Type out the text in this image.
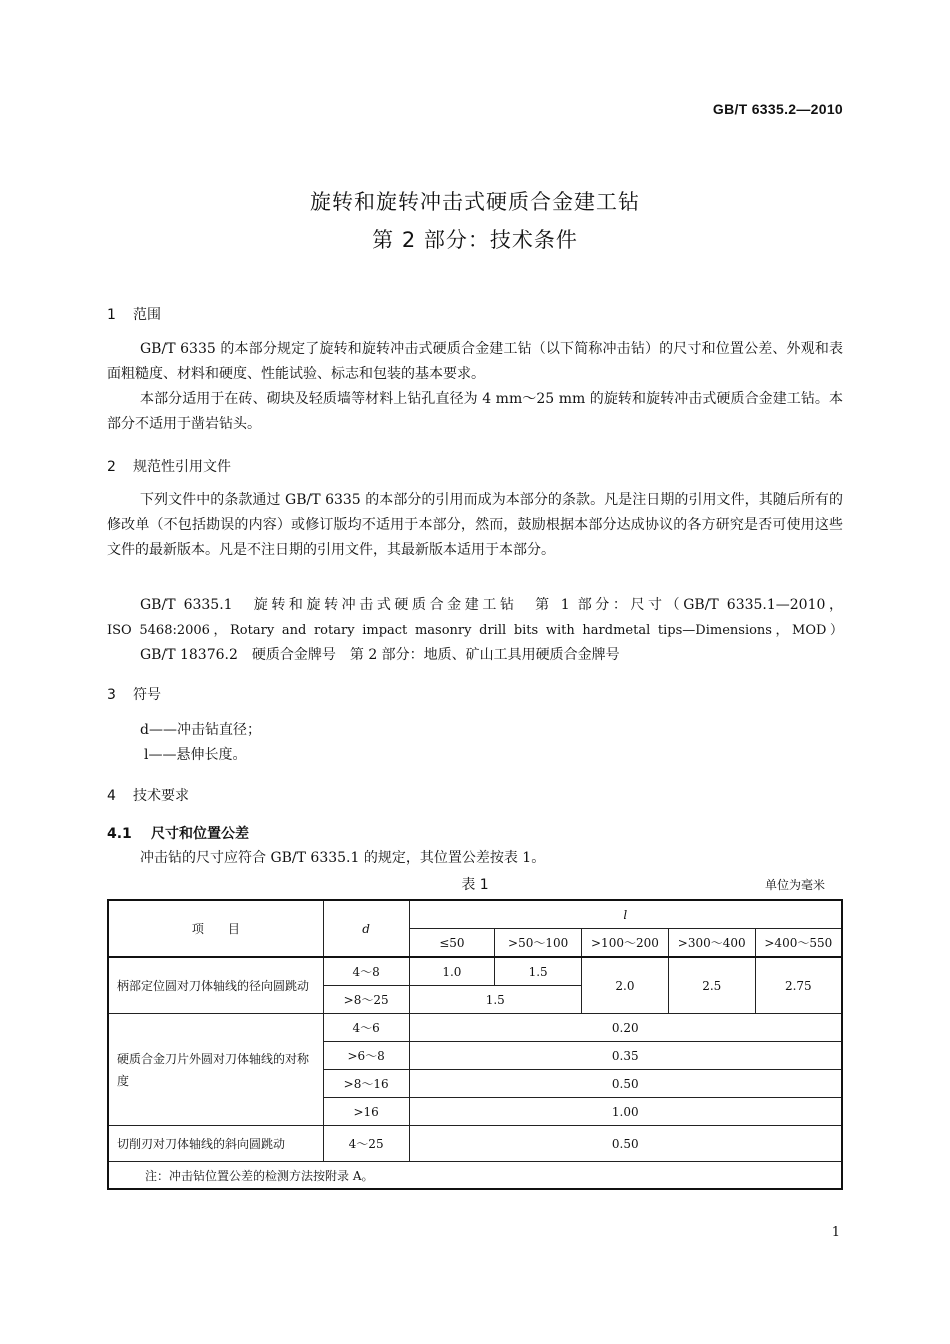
GB/T 6335.2—2010
旋转和旋转冲击式硬质合金建工钻
第 2 部分：技术条件
1 范围
GB/T 6335 的本部分规定了旋转和旋转冲击式硬质合金建工钻（以下简称冲击钻）的尺寸和位置公差、外观和表面粗糙度、材料和硬度、性能试验、标志和包装的基本要求。
本部分适用于在砖、砌块及轻质墙等材料上钻孔直径为 4 mm～25 mm 的旋转和旋转冲击式硬质合金建工钻。本部分不适用于凿岩钻头。
2 规范性引用文件
下列文件中的条款通过 GB/T 6335 的本部分的引用而成为本部分的条款。凡是注日期的引用文件，其随后所有的修改单（不包括勘误的内容）或修订版均不适用于本部分，然而，鼓励根据本部分达成协议的各方研究是否可使用这些文件的最新版本。凡是不注日期的引用文件，其最新版本适用于本部分。
GB/T 6335.1　旋转和旋转冲击式硬质合金建工钻　第 1 部分：尺寸（GB/T 6335.1—2010，
ISO 5468:2006，Rotary and rotary impact masonry drill bits with hardmetal tips—Dimensions，MOD）
GB/T 18376.2　硬质合金牌号　第 2 部分：地质、矿山工具用硬质合金牌号
3 符号
d——冲击钻直径；
l——悬伸长度。
4 技术要求
4.1 尺寸和位置公差
冲击钻的尺寸应符合 GB/T 6335.1 的规定，其位置公差按表 1。
表 1	单位为毫米
项　　目	d	l				
		≤50	>50～100	>100～200	>300～400	>400～550
柄部定位圆对刀体轴线的径向圆跳动	4～8	1.0	1.5	2.0	2.5	2.75
	>8～25	1.5				
硬质合金刀片外圆对刀体轴线的对称度	4～6	0.20				
	>6～8	0.35				
	>8～16	0.50				
	>16	1.00				
切削刃对刀体轴线的斜向圆跳动	4～25	0.50				
注：冲击钻位置公差的检测方法按附录 A。						
1
